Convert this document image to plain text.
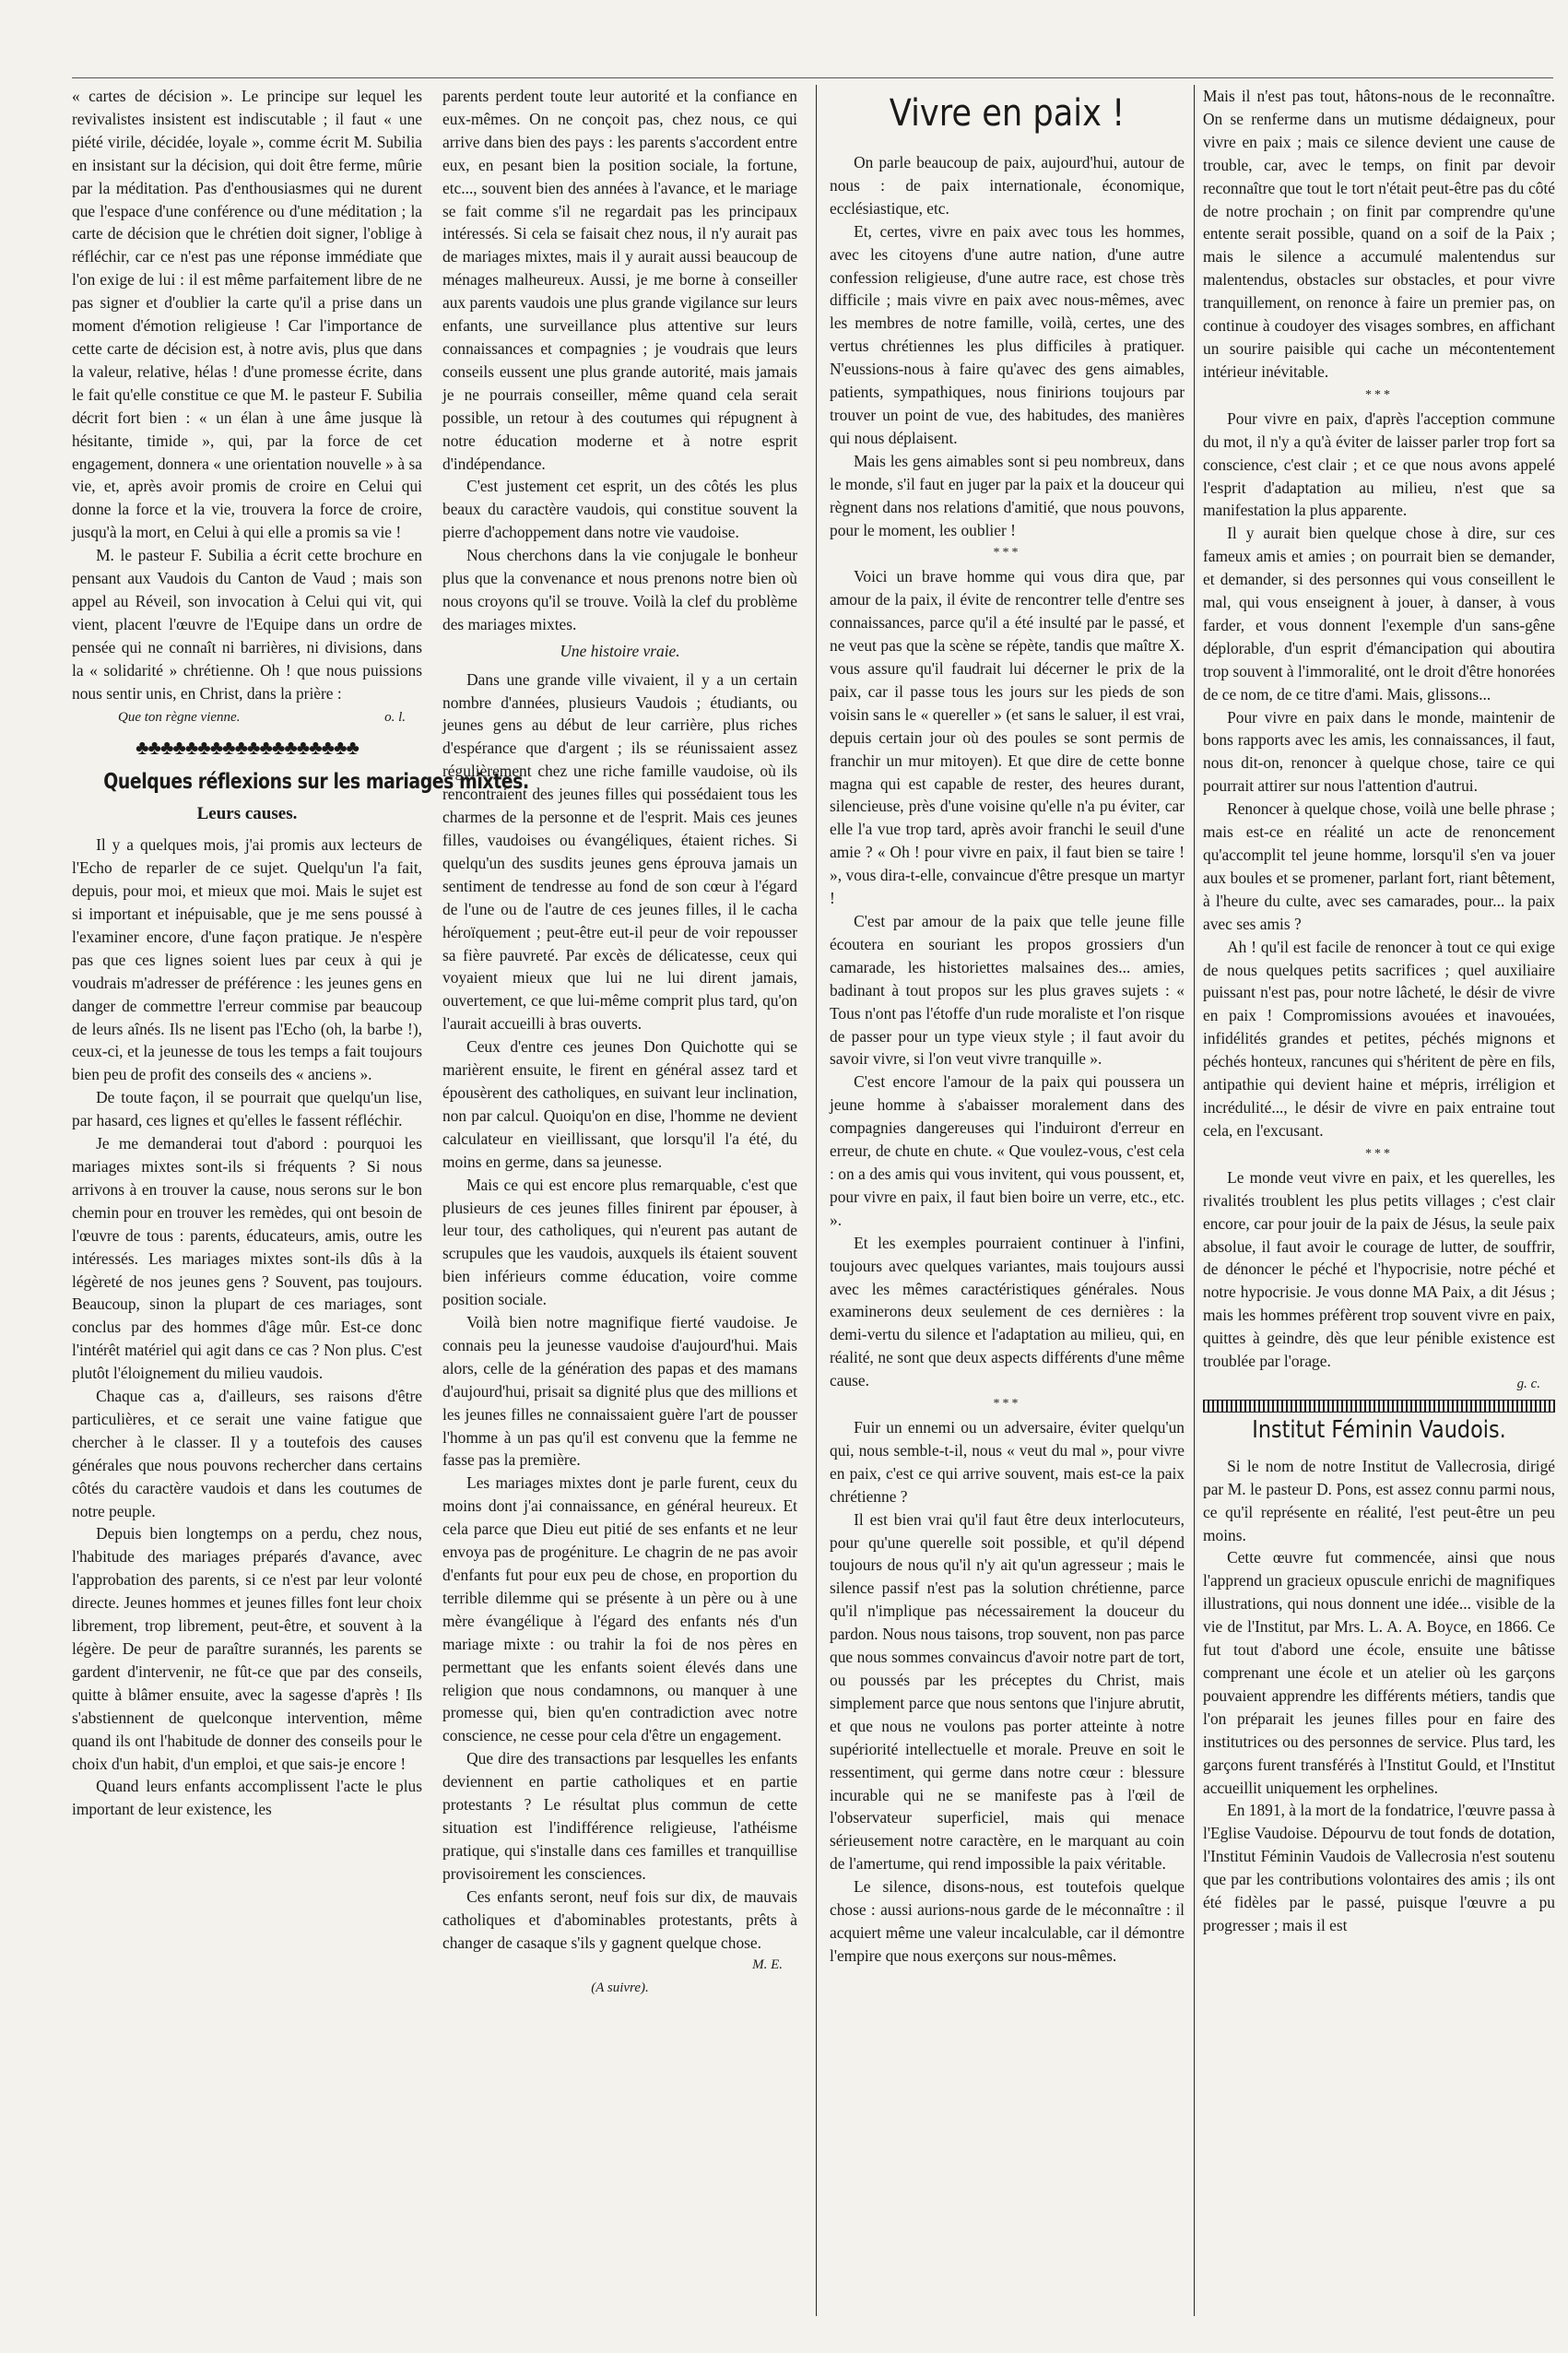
« cartes de décision ». Le principe sur lequel les revivalistes insistent est indiscutable ; il faut « une piété virile, décidée, loyale », comme écrit M. Subilia en insistant sur la décision, qui doit être ferme, mûrie par la méditation. Pas d'enthousiasmes qui ne durent que l'espace d'une conférence ou d'une méditation ; la carte de décision que le chrétien doit signer, l'oblige à réfléchir, car ce n'est pas une réponse immédiate que l'on exige de lui : il est même parfaitement libre de ne pas signer et d'oublier la carte qu'il a prise dans un moment d'émotion religieuse ! Car l'importance de cette carte de décision est, à notre avis, plus que dans la valeur, relative, hélas ! d'une promesse écrite, dans le fait qu'elle constitue ce que M. le pasteur F. Subilia décrit fort bien : « un élan à une âme jusque là hésitante, timide », qui, par la force de cet engagement, donnera « une orientation nouvelle » à sa vie, et, après avoir promis de croire en Celui qui donne la force et la vie, trouvera la force de croire, jusqu'à la mort, en Celui à qui elle a promis sa vie !

M. le pasteur F. Subilia a écrit cette brochure en pensant aux Vaudois du Canton de Vaud ; mais son appel au Réveil, son invocation à Celui qui vit, qui vient, placent l'œuvre de l'Equipe dans un ordre de pensée qui ne connaît ni barrières, ni divisions, dans la « solidarité » chrétienne. Oh ! que nous puissions nous sentir unis, en Christ, dans la prière :

Que ton règne vienne.	o. l.
♣♣♣♣♣♣♣♣♣♣♣♣♣♣♣♣♣♣
Quelques réflexions sur les mariages mixtes.
Leurs causes.

Il y a quelques mois, j'ai promis aux lecteurs de l'Echo de reparler de ce sujet. Quelqu'un l'a fait, depuis, pour moi, et mieux que moi. Mais le sujet est si important et inépuisable, que je me sens poussé à l'examiner encore, d'une façon pratique. Je n'espère pas que ces lignes soient lues par ceux à qui je voudrais m'adresser de préférence : les jeunes gens en danger de commettre l'erreur commise par beaucoup de leurs aînés. Ils ne lisent pas l'Echo (oh, la barbe !), ceux-ci, et la jeunesse de tous les temps a fait toujours bien peu de profit des conseils des « anciens ».

De toute façon, il se pourrait que quelqu'un lise, par hasard, ces lignes et qu'elles le fassent réfléchir.

Je me demanderai tout d'abord : pourquoi les mariages mixtes sont-ils si fréquents ? Si nous arrivons à en trouver la cause, nous serons sur le bon chemin pour en trouver les remèdes, qui ont besoin de l'œuvre de tous : parents, éducateurs, amis, outre les intéressés. Les mariages mixtes sont-ils dûs à la légèreté de nos jeunes gens ? Souvent, pas toujours. Beaucoup, sinon la plupart de ces mariages, sont conclus par des hommes d'âge mûr. Est-ce donc l'intérêt matériel qui agit dans ce cas ? Non plus. C'est plutôt l'éloignement du milieu vaudois.

Chaque cas a, d'ailleurs, ses raisons d'être particulières, et ce serait une vaine fatigue que chercher à le classer. Il y a toutefois des causes générales que nous pouvons rechercher dans certains côtés du caractère vaudois et dans les coutumes de notre peuple.

Depuis bien longtemps on a perdu, chez nous, l'habitude des mariages préparés d'avance, avec l'approbation des parents, si ce n'est par leur volonté directe. Jeunes hommes et jeunes filles font leur choix librement, trop librement, peut-être, et souvent à la légère. De peur de paraître surannés, les parents se gardent d'intervenir, ne fût-ce que par des conseils, quitte à blâmer ensuite, avec la sagesse d'après ! Ils s'abstiennent de quelconque intervention, même quand ils ont l'habitude de donner des conseils pour le choix d'un habit, d'un emploi, et que sais-je encore !

Quand leurs enfants accomplissent l'acte le plus important de leur existence, les

parents perdent toute leur autorité et la confiance en eux-mêmes. On ne conçoit pas, chez nous, ce qui arrive dans bien des pays : les parents s'accordent entre eux, en pesant bien la position sociale, la fortune, etc..., souvent bien des années à l'avance, et le mariage se fait comme s'il ne regardait pas les principaux intéressés. Si cela se faisait chez nous, il n'y aurait pas de mariages mixtes, mais il y aurait aussi beaucoup de ménages malheureux. Aussi, je me borne à conseiller aux parents vaudois une plus grande vigilance sur leurs enfants, une surveillance plus attentive sur leurs connaissances et compagnies ; je voudrais que leurs conseils eussent une plus grande autorité, mais jamais je ne pourrais conseiller, même quand cela serait possible, un retour à des coutumes qui répugnent à notre éducation moderne et à notre esprit d'indépendance.

C'est justement cet esprit, un des côtés les plus beaux du caractère vaudois, qui constitue souvent la pierre d'achoppement dans notre vie vaudoise.

Nous cherchons dans la vie conjugale le bonheur plus que la convenance et nous prenons notre bien où nous croyons qu'il se trouve. Voilà la clef du problème des mariages mixtes.

Une histoire vraie.

Dans une grande ville vivaient, il y a un certain nombre d'années, plusieurs Vaudois ; étudiants, ou jeunes gens au début de leur carrière, plus riches d'espérance que d'argent ; ils se réunissaient assez régulièrement chez une riche famille vaudoise, où ils rencontraient des jeunes filles qui possédaient tous les charmes de la personne et de l'esprit. Mais ces jeunes filles, vaudoises ou évangéliques, étaient riches. Si quelqu'un des susdits jeunes gens éprouva jamais un sentiment de tendresse au fond de son cœur à l'égard de l'une ou de l'autre de ces jeunes filles, il le cacha héroïquement ; peut-être eut-il peur de voir repousser sa fière pauvreté. Par excès de délicatesse, ceux qui voyaient mieux que lui ne lui dirent jamais, ouvertement, ce que lui-même comprit plus tard, qu'on l'aurait accueilli à bras ouverts.

Ceux d'entre ces jeunes Don Quichotte qui se marièrent ensuite, le firent en général assez tard et épousèrent des catholiques, en suivant leur inclination, non par calcul. Quoiqu'on en dise, l'homme ne devient calculateur en vieillissant, que lorsqu'il l'a été, du moins en germe, dans sa jeunesse.

Mais ce qui est encore plus remarquable, c'est que plusieurs de ces jeunes filles finirent par épouser, à leur tour, des catholiques, qui n'eurent pas autant de scrupules que les vaudois, auxquels ils étaient souvent bien inférieurs comme éducation, voire comme position sociale.

Voilà bien notre magnifique fierté vaudoise. Je connais peu la jeunesse vaudoise d'aujourd'hui. Mais alors, celle de la génération des papas et des mamans d'aujourd'hui, prisait sa dignité plus que des millions et les jeunes filles ne connaissaient guère l'art de pousser l'homme à un pas qu'il est convenu que la femme ne fasse pas la première.

Les mariages mixtes dont je parle furent, ceux du moins dont j'ai connaissance, en général heureux. Et cela parce que Dieu eut pitié de ses enfants et ne leur envoya pas de progéniture. Le chagrin de ne pas avoir d'enfants fut pour eux peu de chose, en proportion du terrible dilemme qui se présente à un père ou à une mère évangélique à l'égard des enfants nés d'un mariage mixte : ou trahir la foi de nos pères en permettant que les enfants soient élevés dans une religion que nous condamnons, ou manquer à une promesse qui, bien qu'en contradiction avec notre conscience, ne cesse pour cela d'être un engagement.

Que dire des transactions par lesquelles les enfants deviennent en partie catholiques et en partie protestants ? Le résultat plus commun de cette situation est l'indifférence religieuse, l'athéisme pratique, qui s'installe dans ces familles et tranquillise provisoirement les consciences.

Ces enfants seront, neuf fois sur dix, de mauvais catholiques et d'abominables protestants, prêts à changer de casaque s'ils y gagnent quelque chose.

M. E.
(A suivre).
Vivre en paix !

On parle beaucoup de paix, aujourd'hui, autour de nous : de paix internationale, économique, ecclésiastique, etc.

Et, certes, vivre en paix avec tous les hommes, avec les citoyens d'une autre nation, d'une autre confession religieuse, d'une autre race, est chose très difficile ; mais vivre en paix avec nous-mêmes, avec les membres de notre famille, voilà, certes, une des vertus chrétiennes les plus difficiles à pratiquer. N'eussions-nous à faire qu'avec des gens aimables, patients, sympathiques, nous finirions toujours par trouver un point de vue, des habitudes, des manières qui nous déplaisent.

Mais les gens aimables sont si peu nombreux, dans le monde, s'il faut en juger par la paix et la douceur qui règnent dans nos relations d'amitié, que nous pouvons, pour le moment, les oublier !

***

Voici un brave homme qui vous dira que, par amour de la paix, il évite de rencontrer telle d'entre ses connaissances, parce qu'il a été insulté par le passé, et ne veut pas que la scène se répète, tandis que maître X. vous assure qu'il faudrait lui décerner le prix de la paix, car il passe tous les jours sur les pieds de son voisin sans le « quereller » (et sans le saluer, il est vrai, depuis certain jour où des poules se sont permis de franchir un mur mitoyen). Et que dire de cette bonne magna qui est capable de rester, des heures durant, silencieuse, près d'une voisine qu'elle n'a pu éviter, car elle l'a vue trop tard, après avoir franchi le seuil d'une amie ? « Oh ! pour vivre en paix, il faut bien se taire ! », vous dira-t-elle, convaincue d'être presque un martyr !

C'est par amour de la paix que telle jeune fille écoutera en souriant les propos grossiers d'un camarade, les historiettes malsaines des... amies, badinant à tout propos sur les plus graves sujets : « Tous n'ont pas l'étoffe d'un rude moraliste et l'on risque de passer pour un type vieux style ; il faut avoir du savoir vivre, si l'on veut vivre tranquille ».

C'est encore l'amour de la paix qui poussera un jeune homme à s'abaisser moralement dans des compagnies dangereuses qui l'induiront d'erreur en erreur, de chute en chute. « Que voulez-vous, c'est cela : on a des amis qui vous invitent, qui vous poussent, et, pour vivre en paix, il faut bien boire un verre, etc., etc. ».

Et les exemples pourraient continuer à l'infini, toujours avec quelques variantes, mais toujours aussi avec les mêmes caractéristiques générales. Nous examinerons deux seulement de ces dernières : la demi-vertu du silence et l'adaptation au milieu, qui, en réalité, ne sont que deux aspects différents d'une même cause.

***

Fuir un ennemi ou un adversaire, éviter quelqu'un qui, nous semble-t-il, nous « veut du mal », pour vivre en paix, c'est ce qui arrive souvent, mais est-ce la paix chrétienne ?

Il est bien vrai qu'il faut être deux interlocuteurs, pour qu'une querelle soit possible, et qu'il dépend toujours de nous qu'il n'y ait qu'un agresseur ; mais le silence passif n'est pas la solution chrétienne, parce qu'il n'implique pas nécessairement la douceur du pardon. Nous nous taisons, trop souvent, non pas parce que nous sommes convaincus d'avoir notre part de tort, ou poussés par les préceptes du Christ, mais simplement parce que nous sentons que l'injure abrutit, et que nous ne voulons pas porter atteinte à notre supériorité intellectuelle et morale. Preuve en soit le ressentiment, qui germe dans notre cœur : blessure incurable qui ne se manifeste pas à l'œil de l'observateur superficiel, mais qui menace sérieusement notre caractère, en le marquant au coin de l'amertume, qui rend impossible la paix véritable.

Le silence, disons-nous, est toutefois quelque chose : aussi aurions-nous garde de le méconnaître : il acquiert même une valeur incalculable, car il démontre l'empire que nous exerçons sur nous-mêmes.

Mais il n'est pas tout, hâtons-nous de le reconnaître. On se renferme dans un mutisme dédaigneux, pour vivre en paix ; mais ce silence devient une cause de trouble, car, avec le temps, on finit par devoir reconnaître que tout le tort n'était peut-être pas du côté de notre prochain ; on finit par comprendre qu'une entente serait possible, quand on a soif de la Paix ; mais le silence a accumulé malentendus sur malentendus, obstacles sur obstacles, et pour vivre tranquillement, on renonce à faire un premier pas, on continue à coudoyer des visages sombres, en affichant un sourire paisible qui cache un mécontentement intérieur inévitable.

***

Pour vivre en paix, d'après l'acception commune du mot, il n'y a qu'à éviter de laisser parler trop fort sa conscience, c'est clair ; et ce que nous avons appelé l'esprit d'adaptation au milieu, n'est que sa manifestation la plus apparente.

Il y aurait bien quelque chose à dire, sur ces fameux amis et amies ; on pourrait bien se demander, et demander, si des personnes qui vous conseillent le mal, qui vous enseignent à jouer, à danser, à vous farder, et vous donnent l'exemple d'un sans-gêne déplorable, d'un esprit d'émancipation qui aboutira trop souvent à l'immoralité, ont le droit d'être honorées de ce nom, de ce titre d'ami. Mais, glissons...

Pour vivre en paix dans le monde, maintenir de bons rapports avec les amis, les connaissances, il faut, nous dit-on, renoncer à quelque chose, taire ce qui pourrait attirer sur nous l'attention d'autrui.

Renoncer à quelque chose, voilà une belle phrase ; mais est-ce en réalité un acte de renoncement qu'accomplit tel jeune homme, lorsqu'il s'en va jouer aux boules et se promener, parlant fort, riant bêtement, à l'heure du culte, avec ses camarades, pour... la paix avec ses amis ?

Ah ! qu'il est facile de renoncer à tout ce qui exige de nous quelques petits sacrifices ; quel auxiliaire puissant n'est pas, pour notre lâcheté, le désir de vivre en paix ! Compromissions avouées et inavouées, infidélités grandes et petites, péchés mignons et péchés honteux, rancunes qui s'héritent de père en fils, antipathie qui devient haine et mépris, irréligion et incrédulité..., le désir de vivre en paix entraine tout cela, en l'excusant.

***

Le monde veut vivre en paix, et les querelles, les rivalités troublent les plus petits villages ; c'est clair encore, car pour jouir de la paix de Jésus, la seule paix absolue, il faut avoir le courage de lutter, de souffrir, de dénoncer le péché et l'hypocrisie, notre péché et notre hypocrisie. Je vous donne MA Paix, a dit Jésus ; mais les hommes préfèrent trop souvent vivre en paix, quittes à geindre, dès que leur pénible existence est troublée par l'orage.

g. c.
Institut Féminin Vaudois.

Si le nom de notre Institut de Vallecrosia, dirigé par M. le pasteur D. Pons, est assez connu parmi nous, ce qu'il représente en réalité, l'est peut-être un peu moins.

Cette œuvre fut commencée, ainsi que nous l'apprend un gracieux opuscule enrichi de magnifiques illustrations, qui nous donnent une idée... visible de la vie de l'Institut, par Mrs. L. A. A. Boyce, en 1866. Ce fut tout d'abord une école, ensuite une bâtisse comprenant une école et un atelier où les garçons pouvaient apprendre les différents métiers, tandis que l'on préparait les jeunes filles pour en faire des institutrices ou des personnes de service. Plus tard, les garçons furent transférés à l'Institut Gould, et l'Institut accueillit uniquement les orphelines.

En 1891, à la mort de la fondatrice, l'œuvre passa à l'Eglise Vaudoise. Dépourvu de tout fonds de dotation, l'Institut Féminin Vaudois de Vallecrosia n'est soutenu que par les contributions volontaires des amis ; ils ont été fidèles par le passé, puisque l'œuvre a pu progresser ; mais il est
